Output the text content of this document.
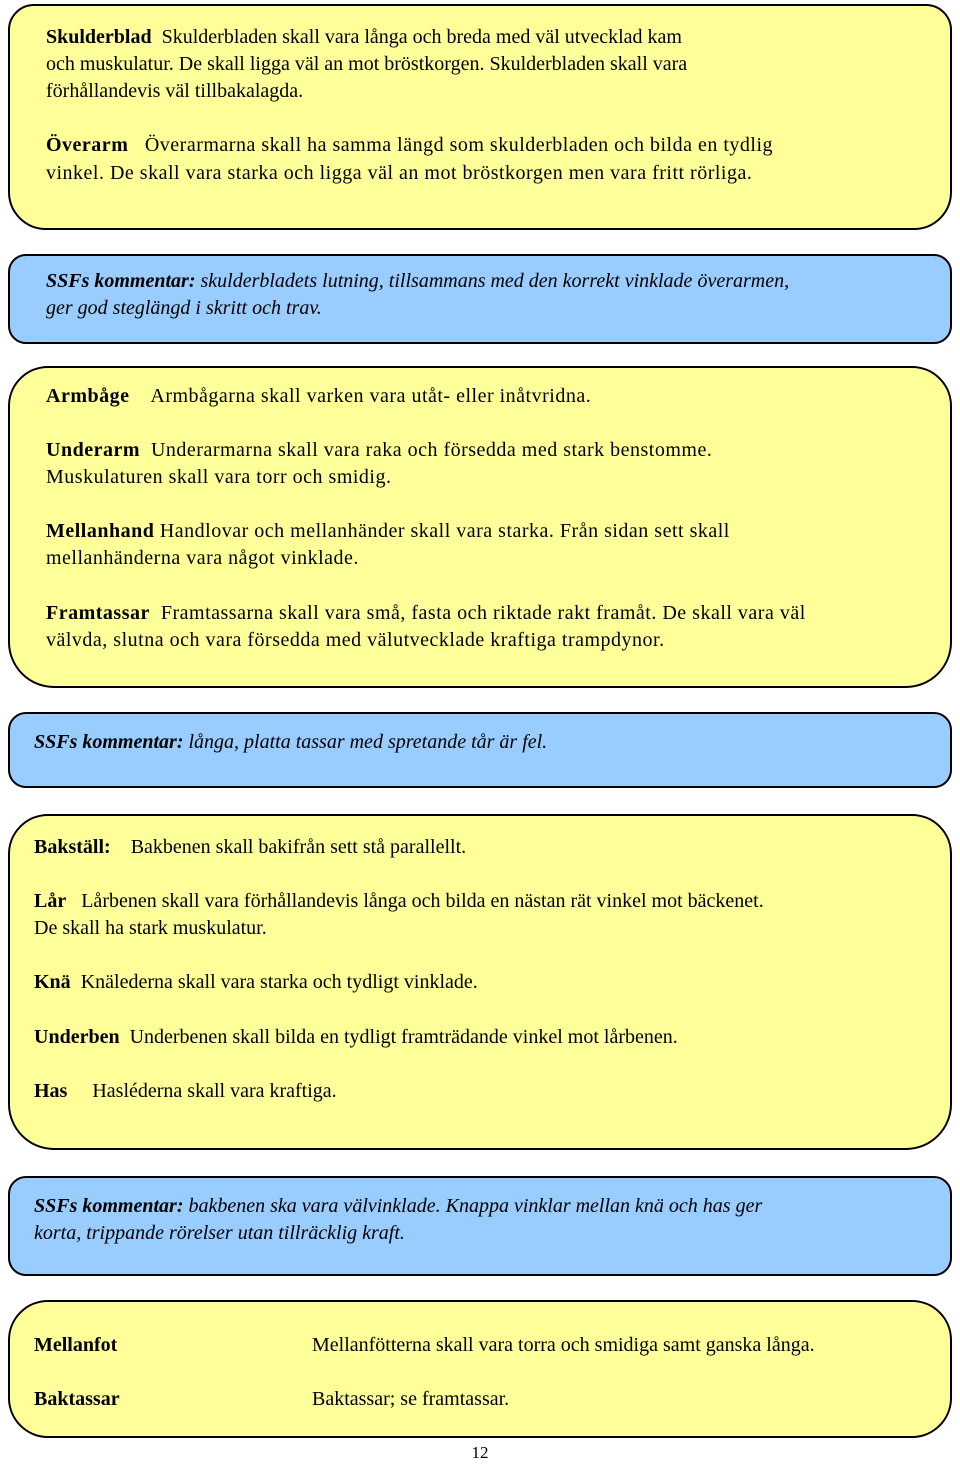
Skulderblad Skulderbladen skall vara långa och breda med väl utvecklad kam

och muskulatur. De skall ligga väl an mot bröstkorgen. Skulderbladen skall vara

förhållandevis väl tillbakalagda.

Överarm Överarmarna skall ha samma längd som skulderbladen och bilda en tydlig

vinkel. De skall vara starka och ligga väl an mot bröstkorgen men vara fritt rörliga.

SSFs kommentar: skulderbladets lutning, tillsammans med den korrekt vinklade överarmen,

ger god steglängd i skritt och trav.

Armbåge Armbågarna skall varken vara utåt- eller inåtvridna.

Underarm Underarmarna skall vara raka och försedda med stark benstomme.

Muskulaturen skall vara torr och smidig.

Mellanhand Handlovar och mellanhänder skall vara starka. Från sidan sett skall

mellanhänderna vara något vinklade.

Framtassar Framtassarna skall vara små, fasta och riktade rakt framåt. De skall vara väl

välvda, slutna och vara försedda med välutvecklade kraftiga trampdynor.

SSFs kommentar: långa, platta tassar med spretande tår är fel.

Bakställ: Bakbenen skall bakifrån sett stå parallellt.

Lår Lårbenen skall vara förhållandevis långa och bilda en nästan rät vinkel mot bäckenet.

De skall ha stark muskulatur.

Knä Knälederna skall vara starka och tydligt vinklade.

Underben Underbenen skall bilda en tydligt framträdande vinkel mot lårbenen.

Has Hasléderna skall vara kraftiga.

SSFs kommentar: bakbenen ska vara välvinklade. Knappa vinklar mellan knä och has ger

korta, trippande rörelser utan tillräcklig kraft.

Mellanfot	Mellanfötterna skall vara torra och smidiga samt ganska långa.

Baktassar	Baktassar; se framtassar.

12
